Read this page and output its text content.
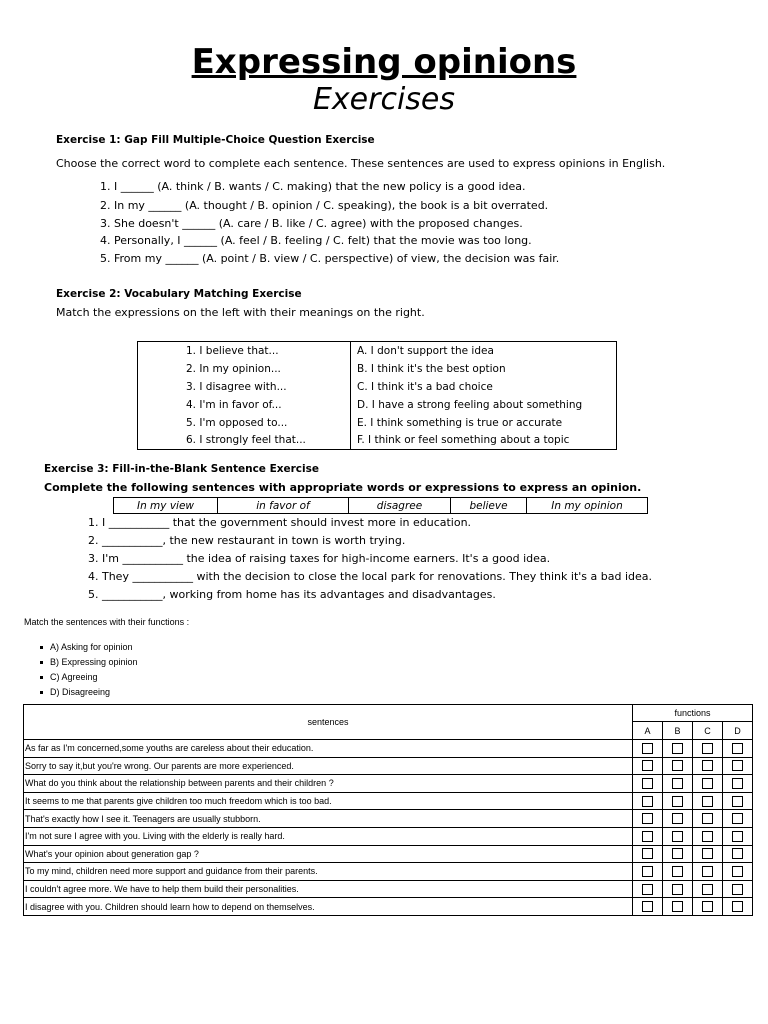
Expressing opinions
Exercises
Exercise 1: Gap Fill Multiple-Choice Question Exercise
Choose the correct word to complete each sentence. These sentences are used to express opinions in English.
1. I ______ (A. think / B. wants / C. making) that the new policy is a good idea.
2. In my ______ (A. thought / B. opinion / C. speaking), the book is a bit overrated.
3. She doesn't ______ (A. care / B. like / C. agree) with the proposed changes.
4. Personally, I ______ (A. feel / B. feeling / C. felt) that the movie was too long.
5. From my ______ (A. point / B. view / C. perspective) of view, the decision was fair.
Exercise 2: Vocabulary Matching Exercise
Match the expressions on the left with their meanings on the right.
1. I believe that...	A. I don't support the idea
2. In my opinion...	B. I think it's the best option
3. I disagree with...	C. I think it's a bad choice
4. I'm in favor of...	D. I have a strong feeling about something
5. I'm opposed to...	E. I think something is true or accurate
6. I strongly feel that...	F. I think or feel something about a topic
Exercise 3: Fill-in-the-Blank Sentence Exercise
Complete the following sentences with appropriate words or expressions to express an opinion.
In my view	in favor of	disagree	believe	In my opinion
1. I ___________ that the government should invest more in education.
2. ___________, the new restaurant in town is worth trying.
3. I'm ___________ the idea of raising taxes for high-income earners. It's a good idea.
4. They ___________ with the decision to close the local park for renovations. They think it's a bad idea.
5. ___________, working from home has its advantages and disadvantages.
Match the sentences with their functions :
A) Asking for opinion
B) Expressing opinion
C) Agreeing
D) Disagreeing
sentences	functions			
	A	B	C	D
As far as I'm concerned,some youths are careless about their education.				
Sorry to say it,but you're wrong. Our parents are more experienced.				
What do you think about the relationship between parents and their children ?				
It seems to me that parents give children too much freedom which is too bad.				
That's exactly how I see it. Teenagers are usually stubborn.				
I'm not sure I agree with you. Living with the elderly is really hard.				
What's your opinion about generation gap ?				
To my mind, children need more support and guidance from their parents.				
I couldn't agree more. We have to help them build their personalities.				
I disagree with you. Children should learn how to depend on themselves.				
